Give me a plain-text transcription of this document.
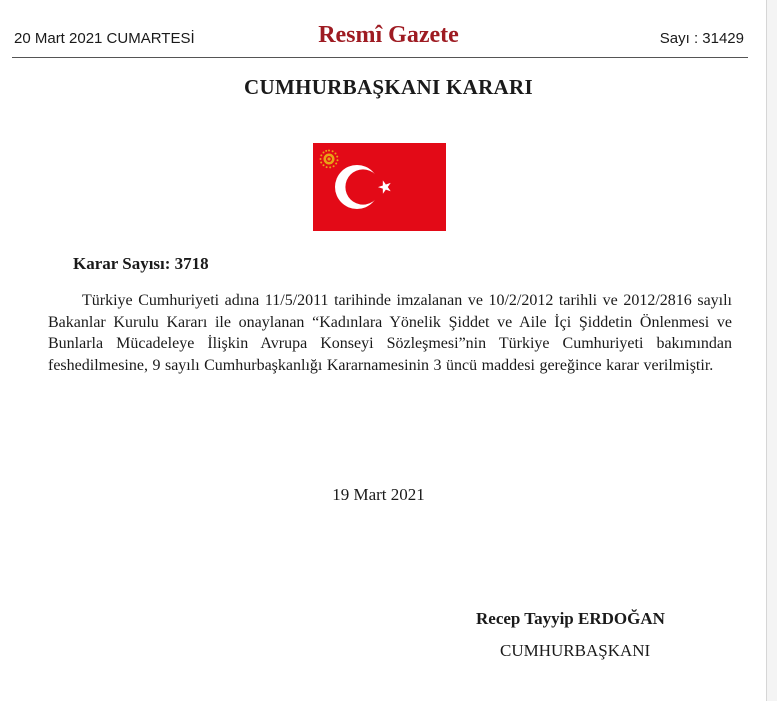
20 Mart 2021 CUMARTESİ	Resmî Gazete	Sayı : 31429
CUMHURBAŞKANI KARARI
Karar Sayısı: 3718
Türkiye Cumhuriyeti adına 11/5/2011 tarihinde imzalanan ve 10/2/2012 tarihli ve 2012/2816 sayılı Bakanlar Kurulu Kararı ile onaylanan “Kadınlara Yönelik Şiddet ve Aile İçi Şiddetin Önlenmesi ve Bunlarla Mücadeleye İlişkin Avrupa Konseyi Sözleşmesi”nin Türkiye Cumhuriyeti bakımından feshedilmesine, 9 sayılı Cumhurbaşkanlığı Kararnamesinin 3 üncü maddesi gereğince karar verilmiştir.
19 Mart 2021
Recep Tayyip ERDOĞAN
CUMHURBAŞKANI
